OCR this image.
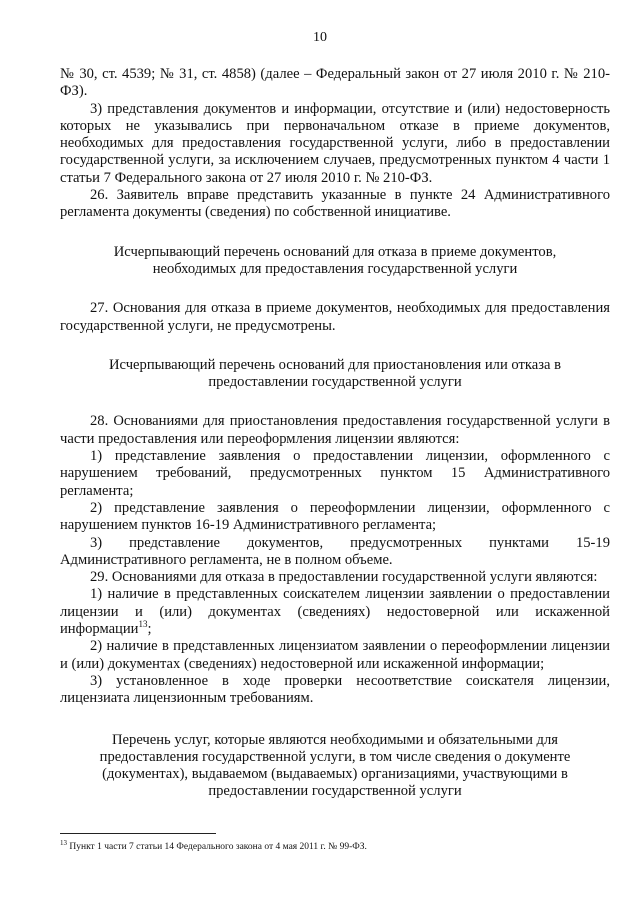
10

№ 30, ст. 4539; № 31, ст. 4858) (далее – Федеральный закон от 27 июля 2010 г. № 210-ФЗ).

3) представления документов и информации, отсутствие и (или) недостоверность которых не указывались при первоначальном отказе в приеме документов, необходимых для предоставления государственной услуги, либо в предоставлении государственной услуги, за исключением случаев, предусмотренных пунктом 4 части 1 статьи 7 Федерального закона от 27 июля 2010 г. № 210-ФЗ.

26. Заявитель вправе представить указанные в пункте 24 Административного регламента документы (сведения) по собственной инициативе.

Исчерпывающий перечень оснований для отказа в приеме документов, необходимых для предоставления государственной услуги

27. Основания для отказа в приеме документов, необходимых для предоставления государственной услуги, не предусмотрены.

Исчерпывающий перечень оснований для приостановления или отказа в предоставлении государственной услуги

28. Основаниями для приостановления предоставления государственной услуги в части предоставления или переоформления лицензии являются:

1) представление заявления о предоставлении лицензии, оформленного с нарушением требований, предусмотренных пунктом 15 Административного регламента;

2) представление заявления о переоформлении лицензии, оформленного с нарушением пунктов 16-19 Административного регламента;

3) представление документов, предусмотренных пунктами 15-19 Административного регламента, не в полном объеме.

29. Основаниями для отказа в предоставлении государственной услуги являются:

1) наличие в представленных соискателем лицензии заявлении о предоставлении лицензии и (или) документах (сведениях) недостоверной или искаженной информации$^{13}$;

2) наличие в представленных лицензиатом заявлении о переоформлении лицензии и (или) документах (сведениях) недостоверной или искаженной информации;

3) установленное в ходе проверки несоответствие соискателя лицензии, лицензиата лицензионным требованиям.

Перечень услуг, которые являются необходимыми и обязательными для предоставления государственной услуги, в том числе сведения о документе (документах), выдаваемом (выдаваемых) организациями, участвующими в предоставлении государственной услуги

$^{13}$ Пункт 1 части 7 статьи 14 Федерального закона от 4 мая 2011 г. № 99-ФЗ.
